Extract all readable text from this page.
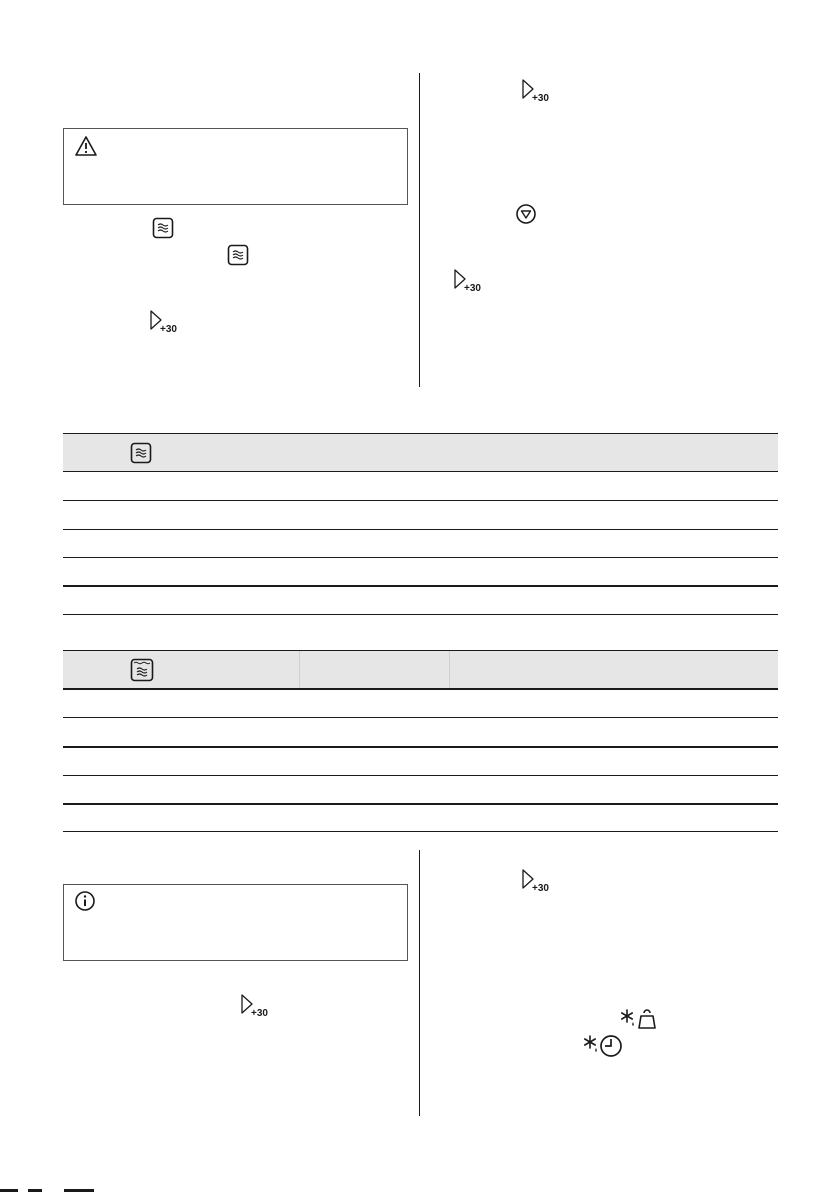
+30
+30
+30
+30
+30
